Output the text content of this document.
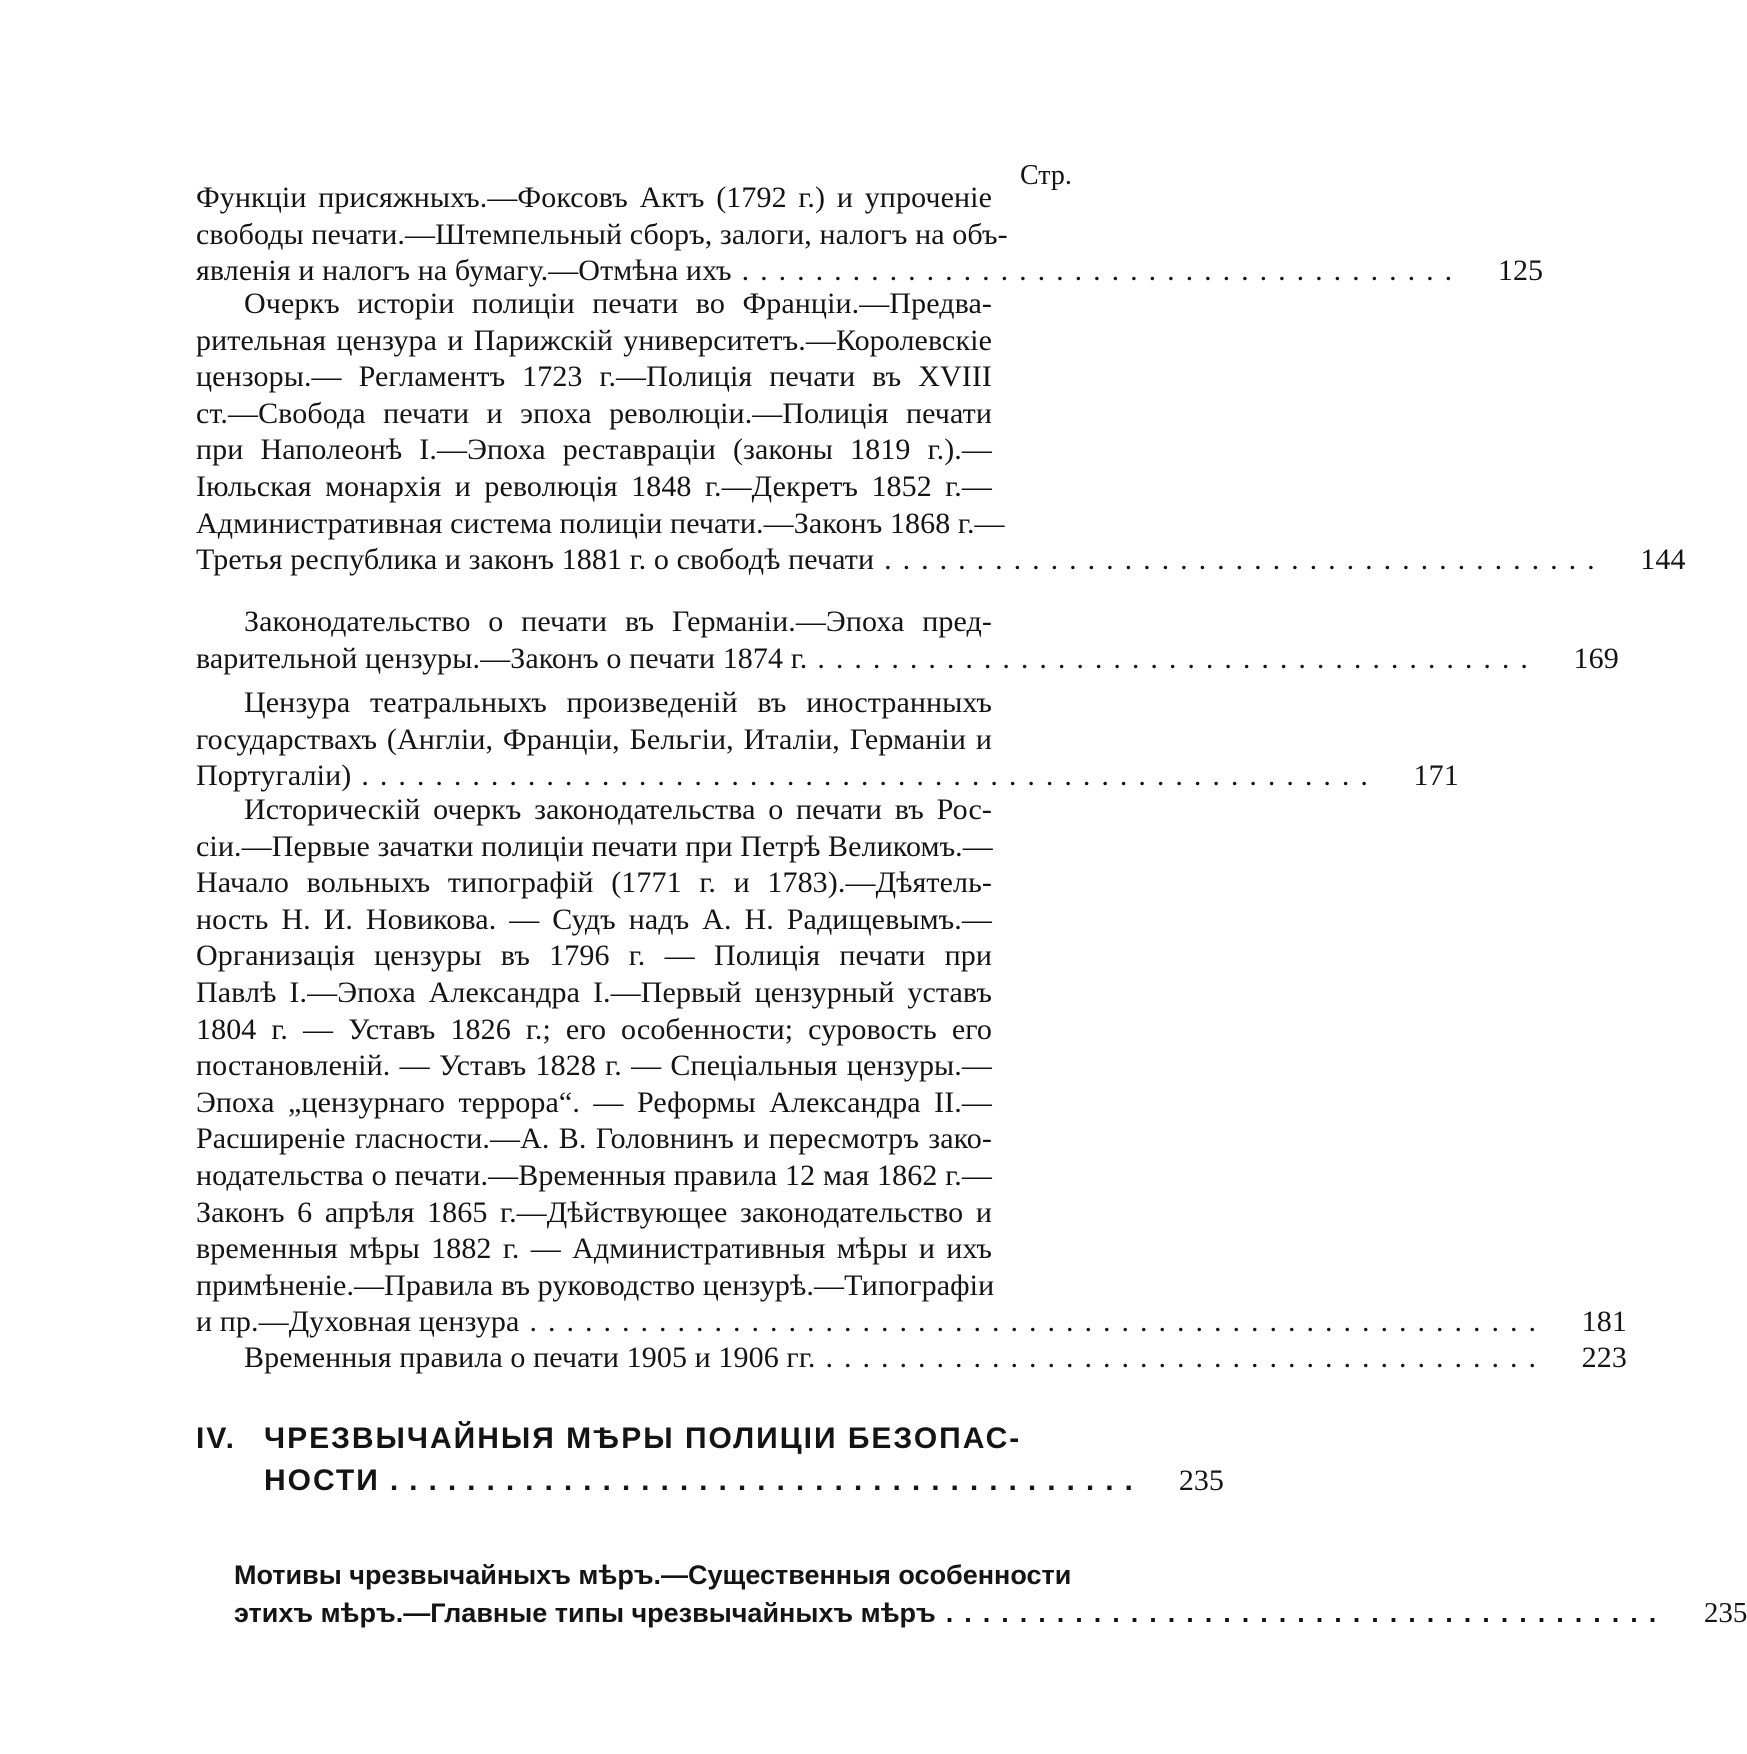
Стр.
Функціи присяжныхъ.—Фоксовъ Актъ (1792 г.) и упроченіе
свободы печати.—Штемпельный сборъ, залоги, налогъ на объ-
явленія и налогъ на бумагу.—Отмѣна ихъ .......................................	125
Очеркъ исторіи полиціи печати во Франціи.—Предва-
рительная цензура и Парижскій университетъ.—Королевскіе
цензоры.— Регламентъ 1723 г.—Полиція печати въ XVIII
ст.—Свобода печати и эпоха революціи.—Полиція печати
при Наполеонѣ I.—Эпоха реставраціи (законы 1819 г.).—
Іюльская монархія и революція 1848 г.—Декретъ 1852 г.—
Административная система полиціи печати.—Законъ 1868 г.—
Третья республика и законъ 1881 г. о свободѣ печати .......................................	144
Законодательство о печати въ Германіи.—Эпоха пред-
варительной цензуры.—Законъ о печати 1874 г. .......................................	169
Цензура театральныхъ произведеній въ иностранныхъ
государствахъ (Англіи, Франціи, Бельгіи, Италіи, Германіи и
Португаліи) .......................................................	171
Историческій очеркъ законодательства о печати въ Рос-
сіи.—Первые зачатки полиціи печати при Петрѣ Великомъ.—
Начало вольныхъ типографій (1771 г. и 1783).—Дѣятель-
ность Н. И. Новикова. — Судъ надъ А. Н. Радищевымъ.—
Организація цензуры въ 1796 г. — Полиція печати при
Павлѣ I.—Эпоха Александра I.—Первый цензурный уставъ
1804 г. — Уставъ 1826 г.; его особенности; суровость его
постановленій. — Уставъ 1828 г. — Спеціальныя цензуры.—
Эпоха „цензурнаго террора“. — Реформы Александра II.—
Расширеніе гласности.—А. В. Головнинъ и пересмотръ зако-
нодательства о печати.—Временныя правила 12 мая 1862 г.—
Законъ 6 апрѣля 1865 г.—Дѣйствующее законодательство и
временныя мѣры 1882 г. — Административныя мѣры и ихъ
примѣненіе.—Правила въ руководство цензурѣ.—Типографіи
и пр.—Духовная цензура .......................................................	181
Временныя правила о печати 1905 и 1906 гг. .......................................	223
IV. ЧРЕЗВЫЧАЙНЫЯ МѢРЫ ПОЛИЦІИ БЕЗОПАС-
НОСТИ .......................................	235
Мотивы чрезвычайныхъ мѣръ.—Существенныя особенности
этихъ мѣръ.—Главные типы чрезвычайныхъ мѣръ .......................................	235
